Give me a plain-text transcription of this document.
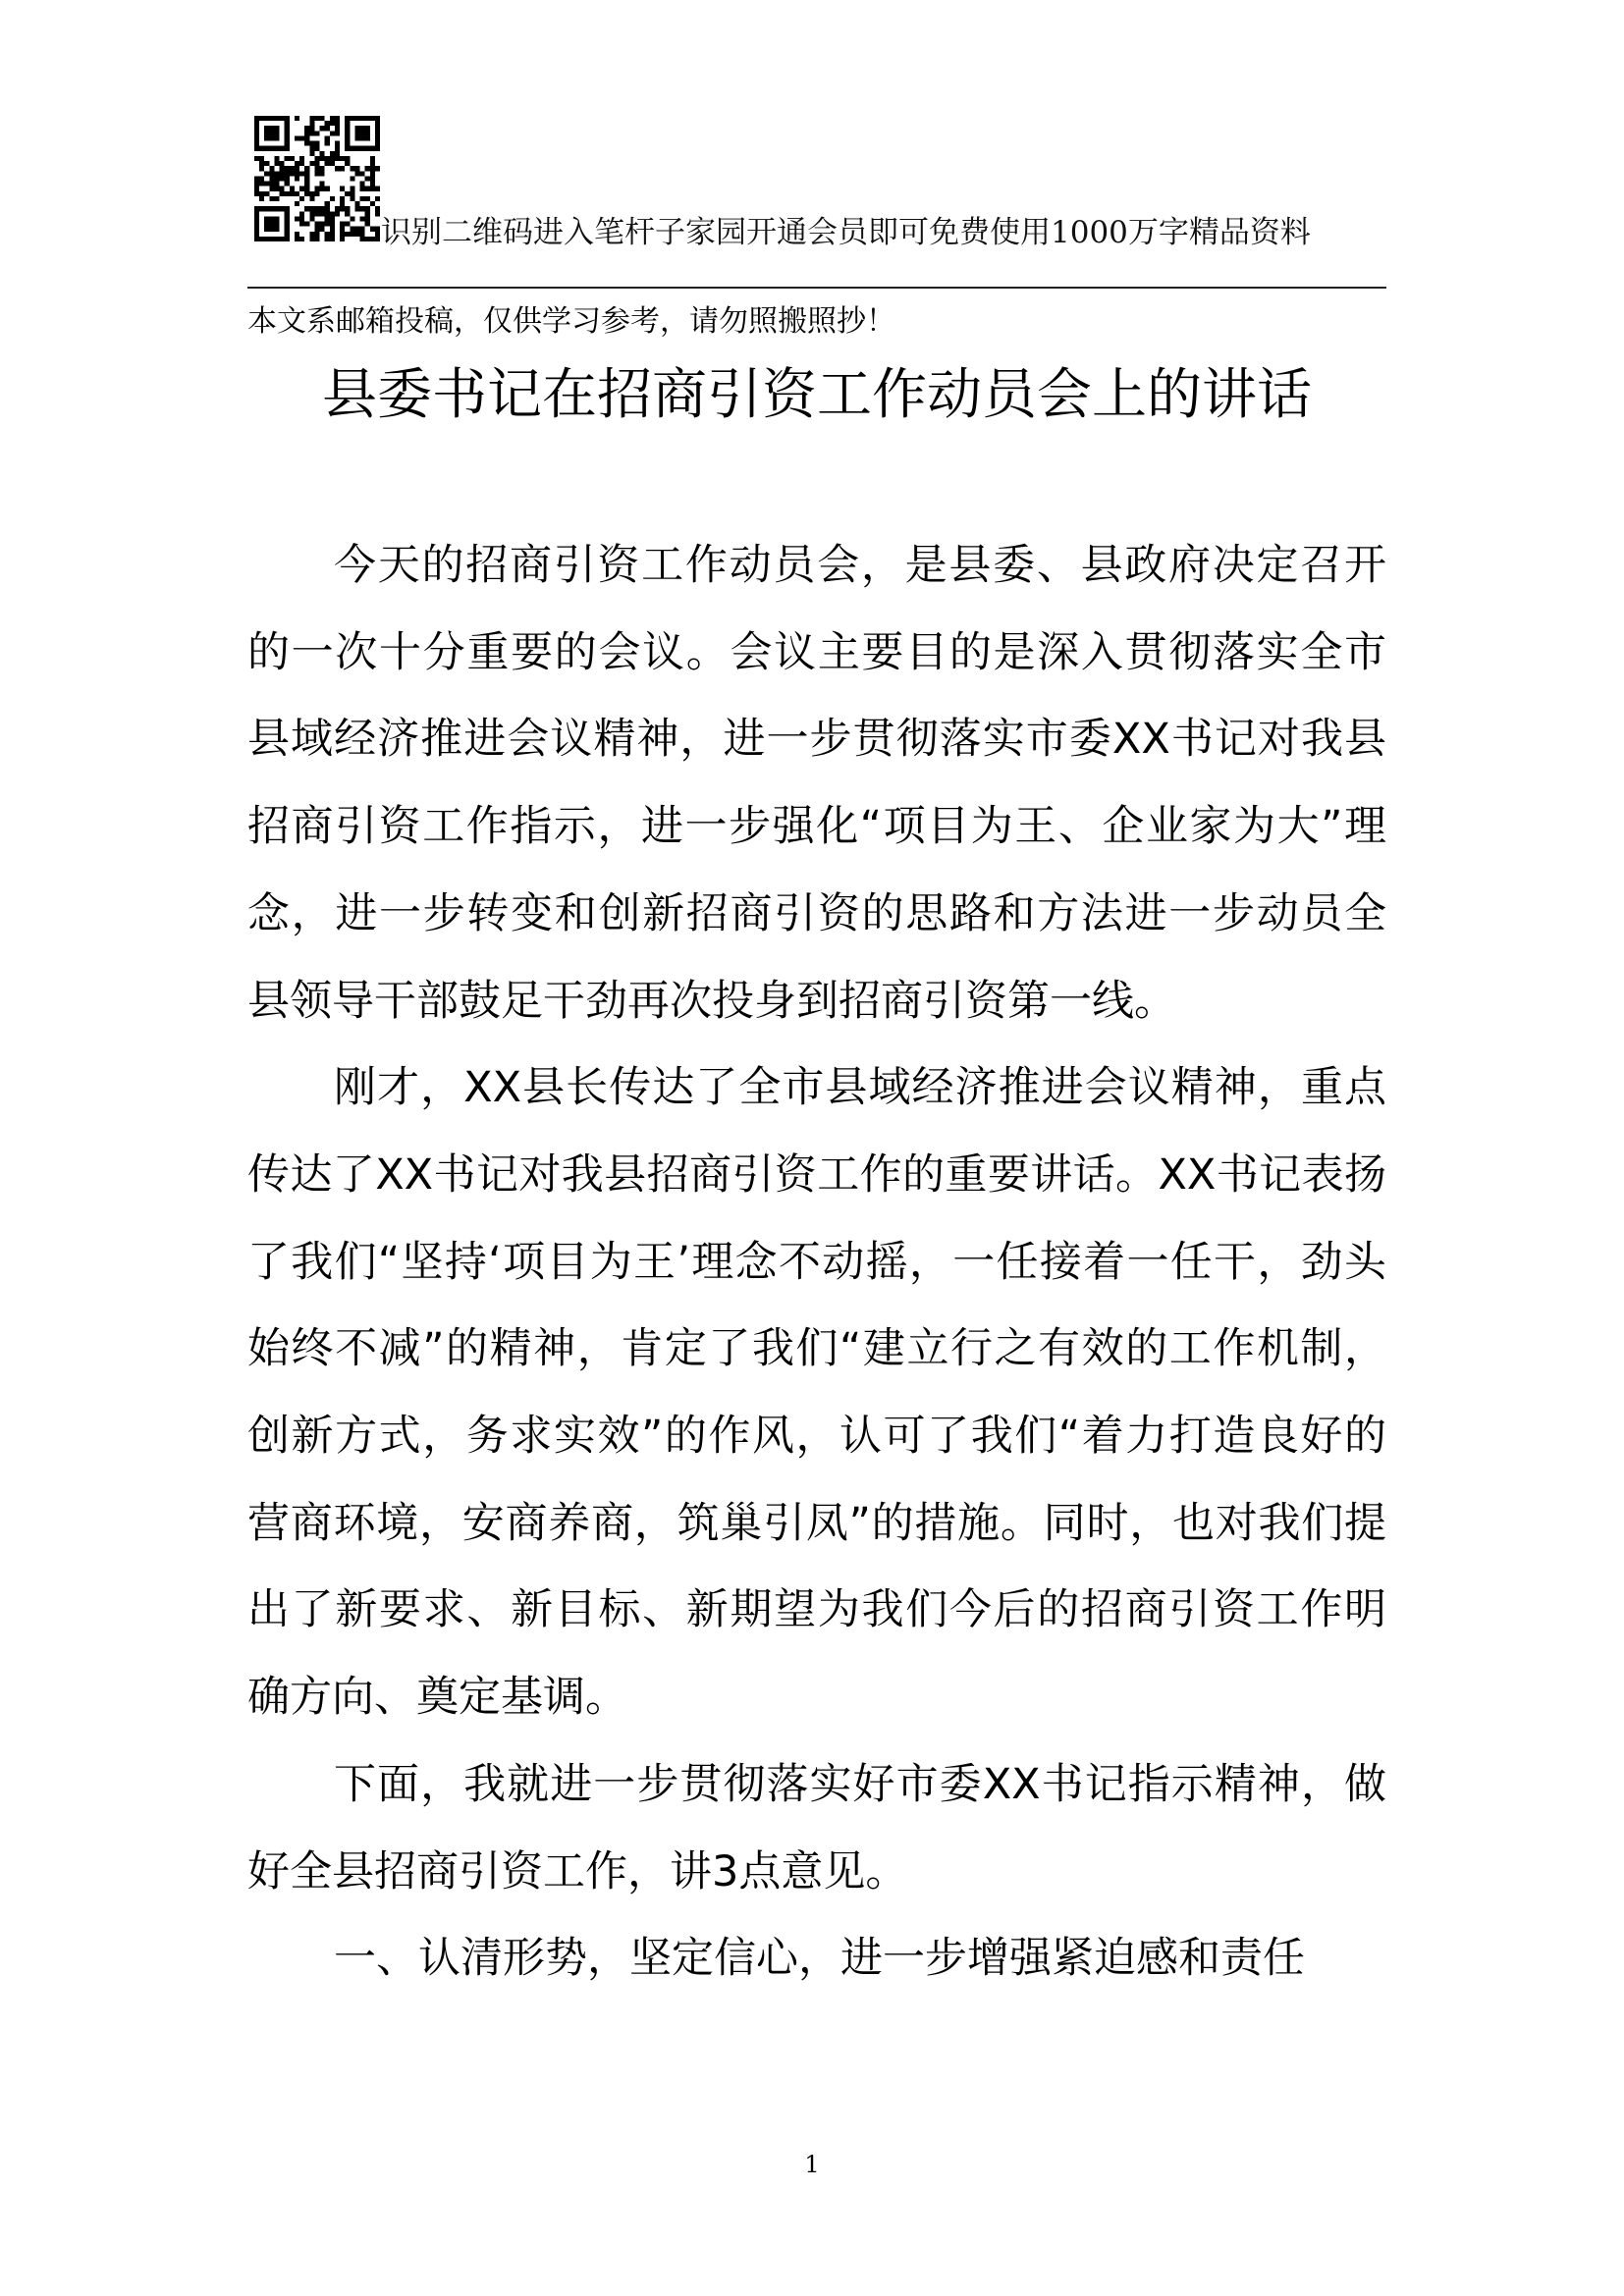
识别二维码进入笔杆子家园开通会员即可免费使用1000万字精品资料
本文系邮箱投稿，仅供学习参考，请勿照搬照抄！
县委书记在招商引资工作动员会上的讲话

今天的招商引资工作动员会，是县委、县政府决定召开的一次十分重要的会议。会议主要目的是深入贯彻落实全市县域经济推进会议精神，进一步贯彻落实市委XX书记对我县招商引资工作指示，进一步强化“项目为王、企业家为大”理念，进一步转变和创新招商引资的思路和方法进一步动员全县领导干部鼓足干劲再次投身到招商引资第一线。

刚才，XX县长传达了全市县域经济推进会议精神，重点传达了XX书记对我县招商引资工作的重要讲话。XX书记表扬了我们“坚持‘项目为王’理念不动摇，一任接着一任干，劲头始终不减”的精神，肯定了我们“建立行之有效的工作机制，创新方式，务求实效”的作风，认可了我们“着力打造良好的营商环境，安商养商，筑巢引凤”的措施。同时，也对我们提出了新要求、新目标、新期望为我们今后的招商引资工作明确方向、奠定基调。

下面，我就进一步贯彻落实好市委XX书记指示精神，做好全县招商引资工作，讲3点意见。

一、认清形势，坚定信心，进一步增强紧迫感和责任

1
